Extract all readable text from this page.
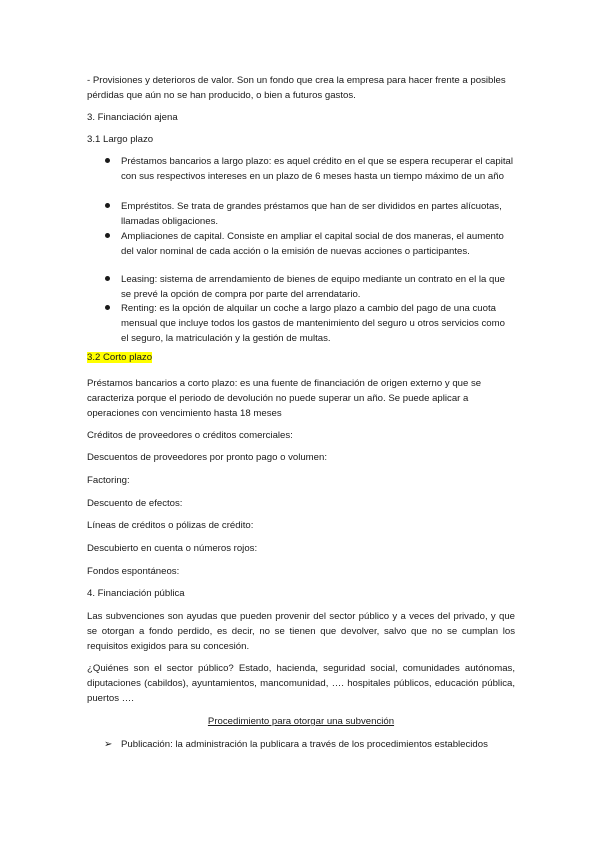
- Provisiones y deterioros de valor. Son un fondo que crea la empresa para hacer frente a posibles pérdidas que aún no se han producido, o bien a futuros gastos.

3. Financiación ajena

3.1 Largo plazo

Préstamos bancarios a largo plazo: es aquel crédito en el que se espera recuperar el capital con sus respectivos intereses en un plazo de 6 meses hasta un tiempo máximo de un año

Empréstitos. Se trata de grandes préstamos que han de ser divididos en partes alícuotas, llamadas obligaciones.

Ampliaciones de capital. Consiste en ampliar el capital social de dos maneras, el aumento del valor nominal de cada acción o la emisión de nuevas acciones o participantes.

Leasing: sistema de arrendamiento de bienes de equipo mediante un contrato en el la que se prevé la opción de compra por parte del arrendatario.

Renting: es la opción de alquilar un coche a largo plazo a cambio del pago de una cuota mensual que incluye todos los gastos de mantenimiento del seguro u otros servicios como el seguro, la matriculación y la gestión de multas.

3.2 Corto plazo

Préstamos bancarios a corto plazo: es una fuente de financiación de origen externo y que se caracteriza porque el periodo de devolución no puede superar un año. Se puede aplicar a operaciones con vencimiento hasta 18 meses

Créditos de proveedores o créditos comerciales:

Descuentos de proveedores por pronto pago o volumen:

Factoring:

Descuento de efectos:

Líneas de créditos o pólizas de crédito:

Descubierto en cuenta o números rojos:

Fondos espontáneos:

4. Financiación pública

Las subvenciones son ayudas que pueden provenir del sector público y a veces del privado, y que se otorgan a fondo perdido, es decir, no se tienen que devolver, salvo que no se cumplan los requisitos exigidos para su concesión.

¿Quiénes son el sector público? Estado, hacienda, seguridad social, comunidades autónomas, diputaciones (cabildos), ayuntamientos, mancomunidad, …. hospitales públicos, educación pública, puertos ….

Procedimiento para otorgar una subvención

➢ Publicación: la administración la publicara a través de los procedimientos establecidos
